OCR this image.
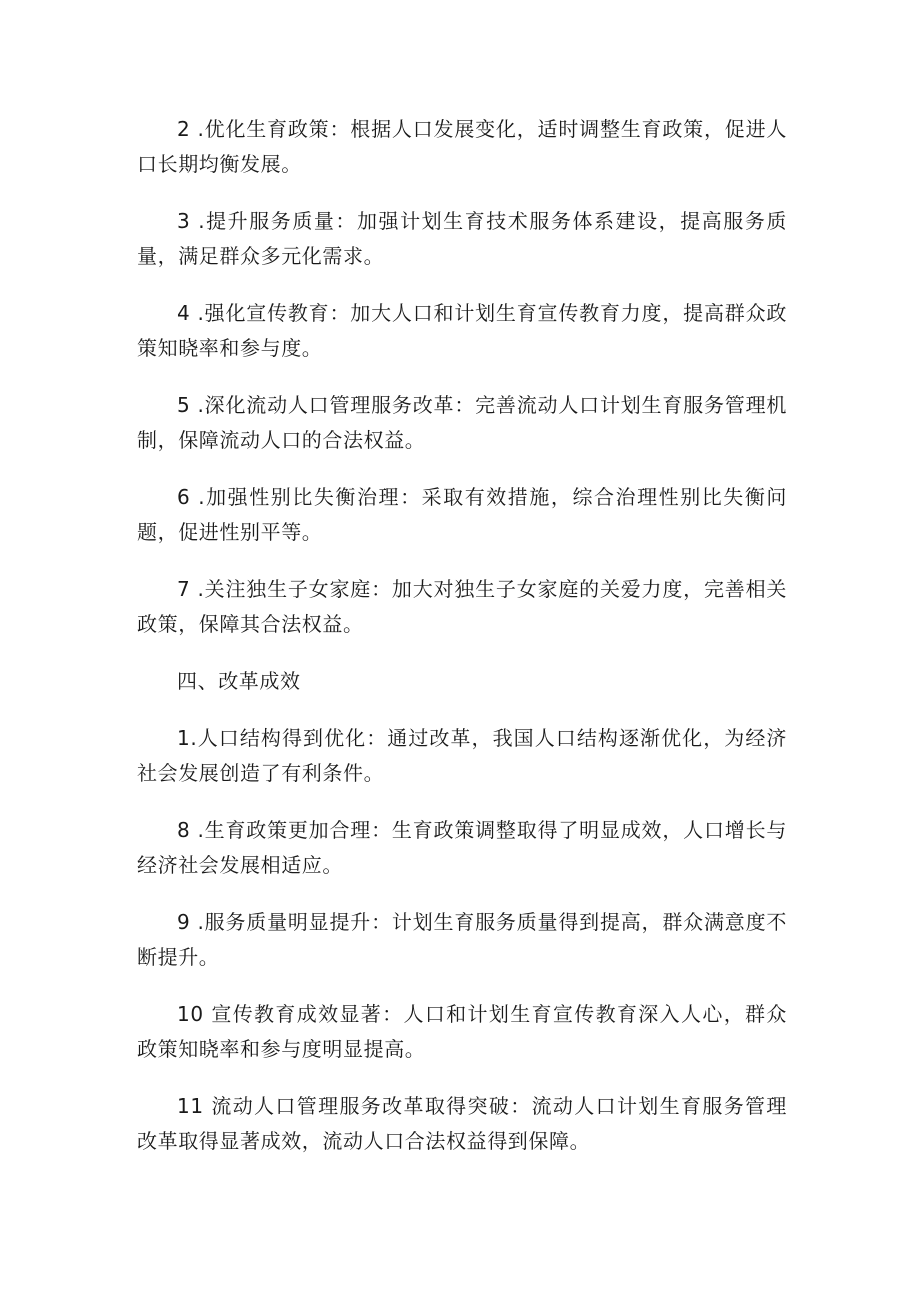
2 .优化生育政策：根据人口发展变化，适时调整生育政策，促进人口长期均衡发展。

3 .提升服务质量：加强计划生育技术服务体系建设，提高服务质量，满足群众多元化需求。

4 .强化宣传教育：加大人口和计划生育宣传教育力度，提高群众政策知晓率和参与度。

5 .深化流动人口管理服务改革：完善流动人口计划生育服务管理机制，保障流动人口的合法权益。

6 .加强性别比失衡治理：采取有效措施，综合治理性别比失衡问题，促进性别平等。

7 .关注独生子女家庭：加大对独生子女家庭的关爱力度，完善相关政策，保障其合法权益。

四、改革成效

1.人口结构得到优化：通过改革，我国人口结构逐渐优化，为经济社会发展创造了有利条件。

8 .生育政策更加合理：生育政策调整取得了明显成效，人口增长与经济社会发展相适应。

9 .服务质量明显提升：计划生育服务质量得到提高，群众满意度不断提升。

10 宣传教育成效显著：人口和计划生育宣传教育深入人心，群众政策知晓率和参与度明显提高。

11 流动人口管理服务改革取得突破：流动人口计划生育服务管理改革取得显著成效，流动人口合法权益得到保障。
